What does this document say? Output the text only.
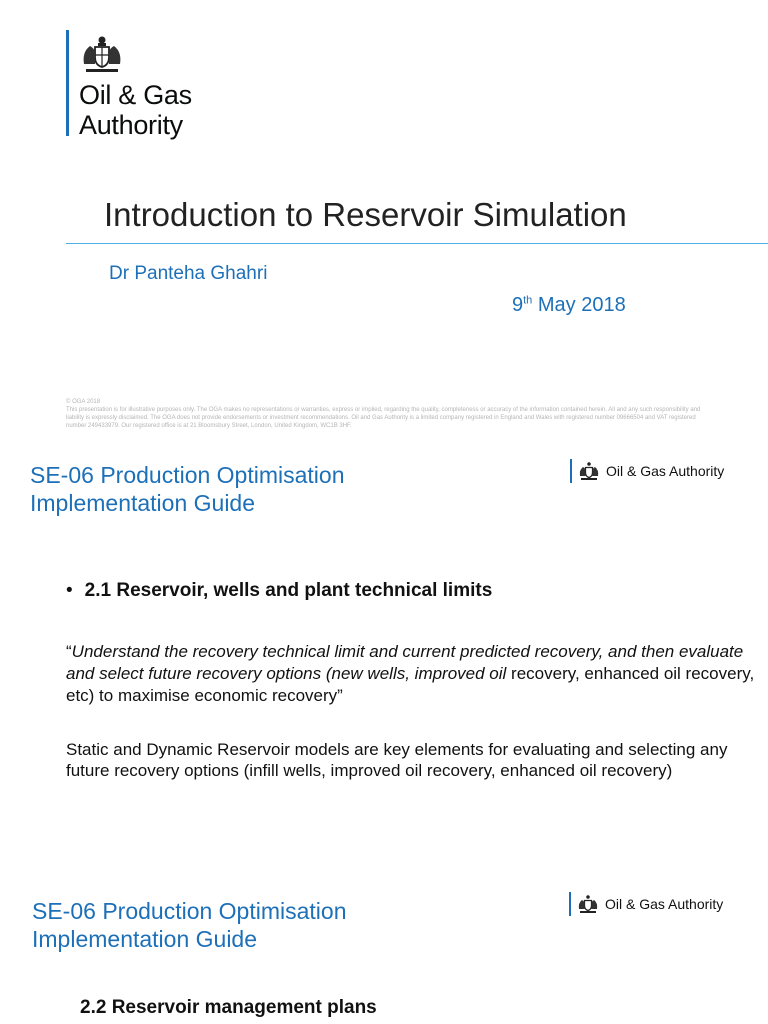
Oil & Gas
Authority
Introduction to Reservoir Simulation
Dr Panteha Ghahri
9th May 2018
© OGA 2018
This presentation is for illustrative purposes only. The OGA makes no representations or warranties, express or implied, regarding the quality, completeness or accuracy of the information contained herein. All and any such responsibility and liability is expressly disclaimed. The OGA does not provide endorsements or investment recommendations. Oil and Gas Authority is a limited company registered in England and Wales with registered number 09666504 and VAT registered number 249433979. Our registered office is at 21 Bloomsbury Street, London, United Kingdom, WC1B 3HF.
SE-06 Production Optimisation
Implementation Guide
Oil & Gas Authority
• 2.1 Reservoir, wells and plant technical limits
“Understand the recovery technical limit and current predicted recovery, and then evaluate and select future recovery options (new wells, improved oil recovery, enhanced oil recovery, etc) to maximise economic recovery”
Static and Dynamic Reservoir models are key elements for evaluating and selecting any future recovery options (infill wells, improved oil recovery, enhanced oil recovery)
SE-06 Production Optimisation
Implementation Guide
Oil & Gas Authority
2.2 Reservoir management plans
